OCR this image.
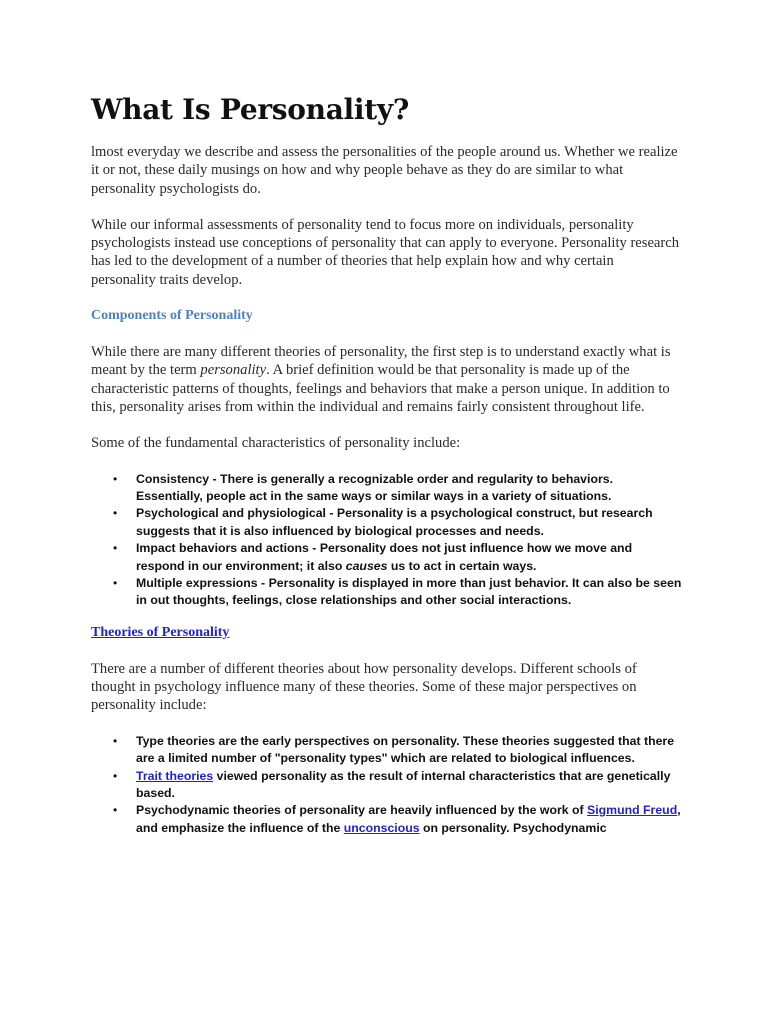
What Is Personality?

lmost everyday we describe and assess the personalities of the people around us. Whether we realize it or not, these daily musings on how and why people behave as they do are similar to what personality psychologists do.

While our informal assessments of personality tend to focus more on individuals, personality psychologists instead use conceptions of personality that can apply to everyone. Personality research has led to the development of a number of theories that help explain how and why certain personality traits develop.

Components of Personality

While there are many different theories of personality, the first step is to understand exactly what is meant by the term personality. A brief definition would be that personality is made up of the characteristic patterns of thoughts, feelings and behaviors that make a person unique. In addition to this, personality arises from within the individual and remains fairly consistent throughout life.

Some of the fundamental characteristics of personality include:

• Consistency - There is generally a recognizable order and regularity to behaviors. Essentially, people act in the same ways or similar ways in a variety of situations.
• Psychological and physiological - Personality is a psychological construct, but research suggests that it is also influenced by biological processes and needs.
• Impact behaviors and actions - Personality does not just influence how we move and respond in our environment; it also causes us to act in certain ways.
• Multiple expressions - Personality is displayed in more than just behavior. It can also be seen in out thoughts, feelings, close relationships and other social interactions.
Theories of Personality

There are a number of different theories about how personality develops. Different schools of thought in psychology influence many of these theories. Some of these major perspectives on personality include:

• Type theories are the early perspectives on personality. These theories suggested that there are a limited number of "personality types" which are related to biological influences.
• Trait theories viewed personality as the result of internal characteristics that are genetically based.
• Psychodynamic theories of personality are heavily influenced by the work of Sigmund Freud, and emphasize the influence of the unconscious on personality. Psychodynamic
